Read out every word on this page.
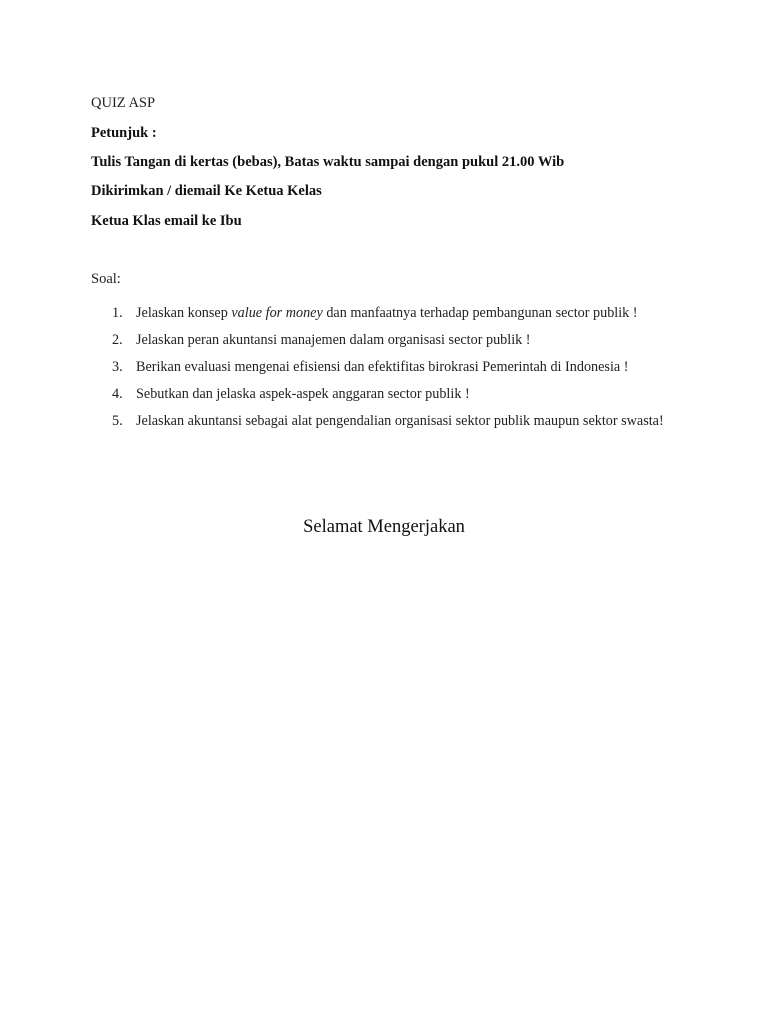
QUIZ ASP
Petunjuk :
Tulis Tangan di kertas (bebas), Batas waktu sampai dengan pukul 21.00 Wib
Dikirimkan / diemail Ke Ketua Kelas
Ketua Klas email ke Ibu
Soal:
1. Jelaskan konsep value for money dan manfaatnya terhadap pembangunan sector publik !
2. Jelaskan peran akuntansi manajemen dalam organisasi sector publik !
3. Berikan evaluasi mengenai efisiensi dan efektifitas birokrasi Pemerintah di Indonesia !
4. Sebutkan dan jelaska aspek-aspek anggaran sector publik !
5. Jelaskan akuntansi sebagai alat pengendalian organisasi sektor publik maupun sektor swasta!
Selamat Mengerjakan
